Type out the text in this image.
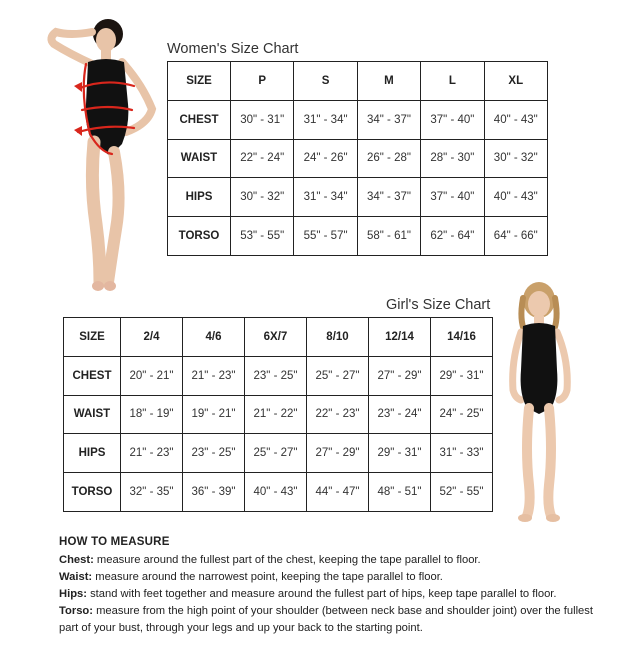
Women's Size Chart
SIZE	P	S	M	L	XL
CHEST	30" - 31"	31" - 34"	34" - 37"	37" - 40"	40" - 43"
WAIST	22" - 24"	24" - 26"	26" - 28"	28" - 30"	30" - 32"
HIPS	30" - 32"	31" - 34"	34" - 37"	37" - 40"	40" - 43"
TORSO	53" - 55"	55" - 57"	58" - 61"	62" - 64"	64" - 66"
Girl's Size Chart
SIZE	2/4	4/6	6X/7	8/10	12/14	14/16
CHEST	20" - 21"	21" - 23"	23" - 25"	25" - 27"	27" - 29"	29" - 31"
WAIST	18" - 19"	19" - 21"	21" - 22"	22" - 23"	23" - 24"	24" - 25"
HIPS	21" - 23"	23" - 25"	25" - 27"	27" - 29"	29" - 31"	31" - 33"
TORSO	32" - 35"	36" - 39"	40" - 43"	44" - 47"	48" - 51"	52" - 55"
HOW TO MEASURE

Chest: measure around the fullest part of the chest, keeping the tape parallel to floor.

Waist: measure around the narrowest point, keeping the tape parallel to floor.

Hips: stand with feet together and measure around the fullest part of hips, keep tape parallel to floor.

Torso: measure from the high point of your shoulder (between neck base and shoulder joint) over the fullest part of your bust, through your legs and up your back to the starting point.
